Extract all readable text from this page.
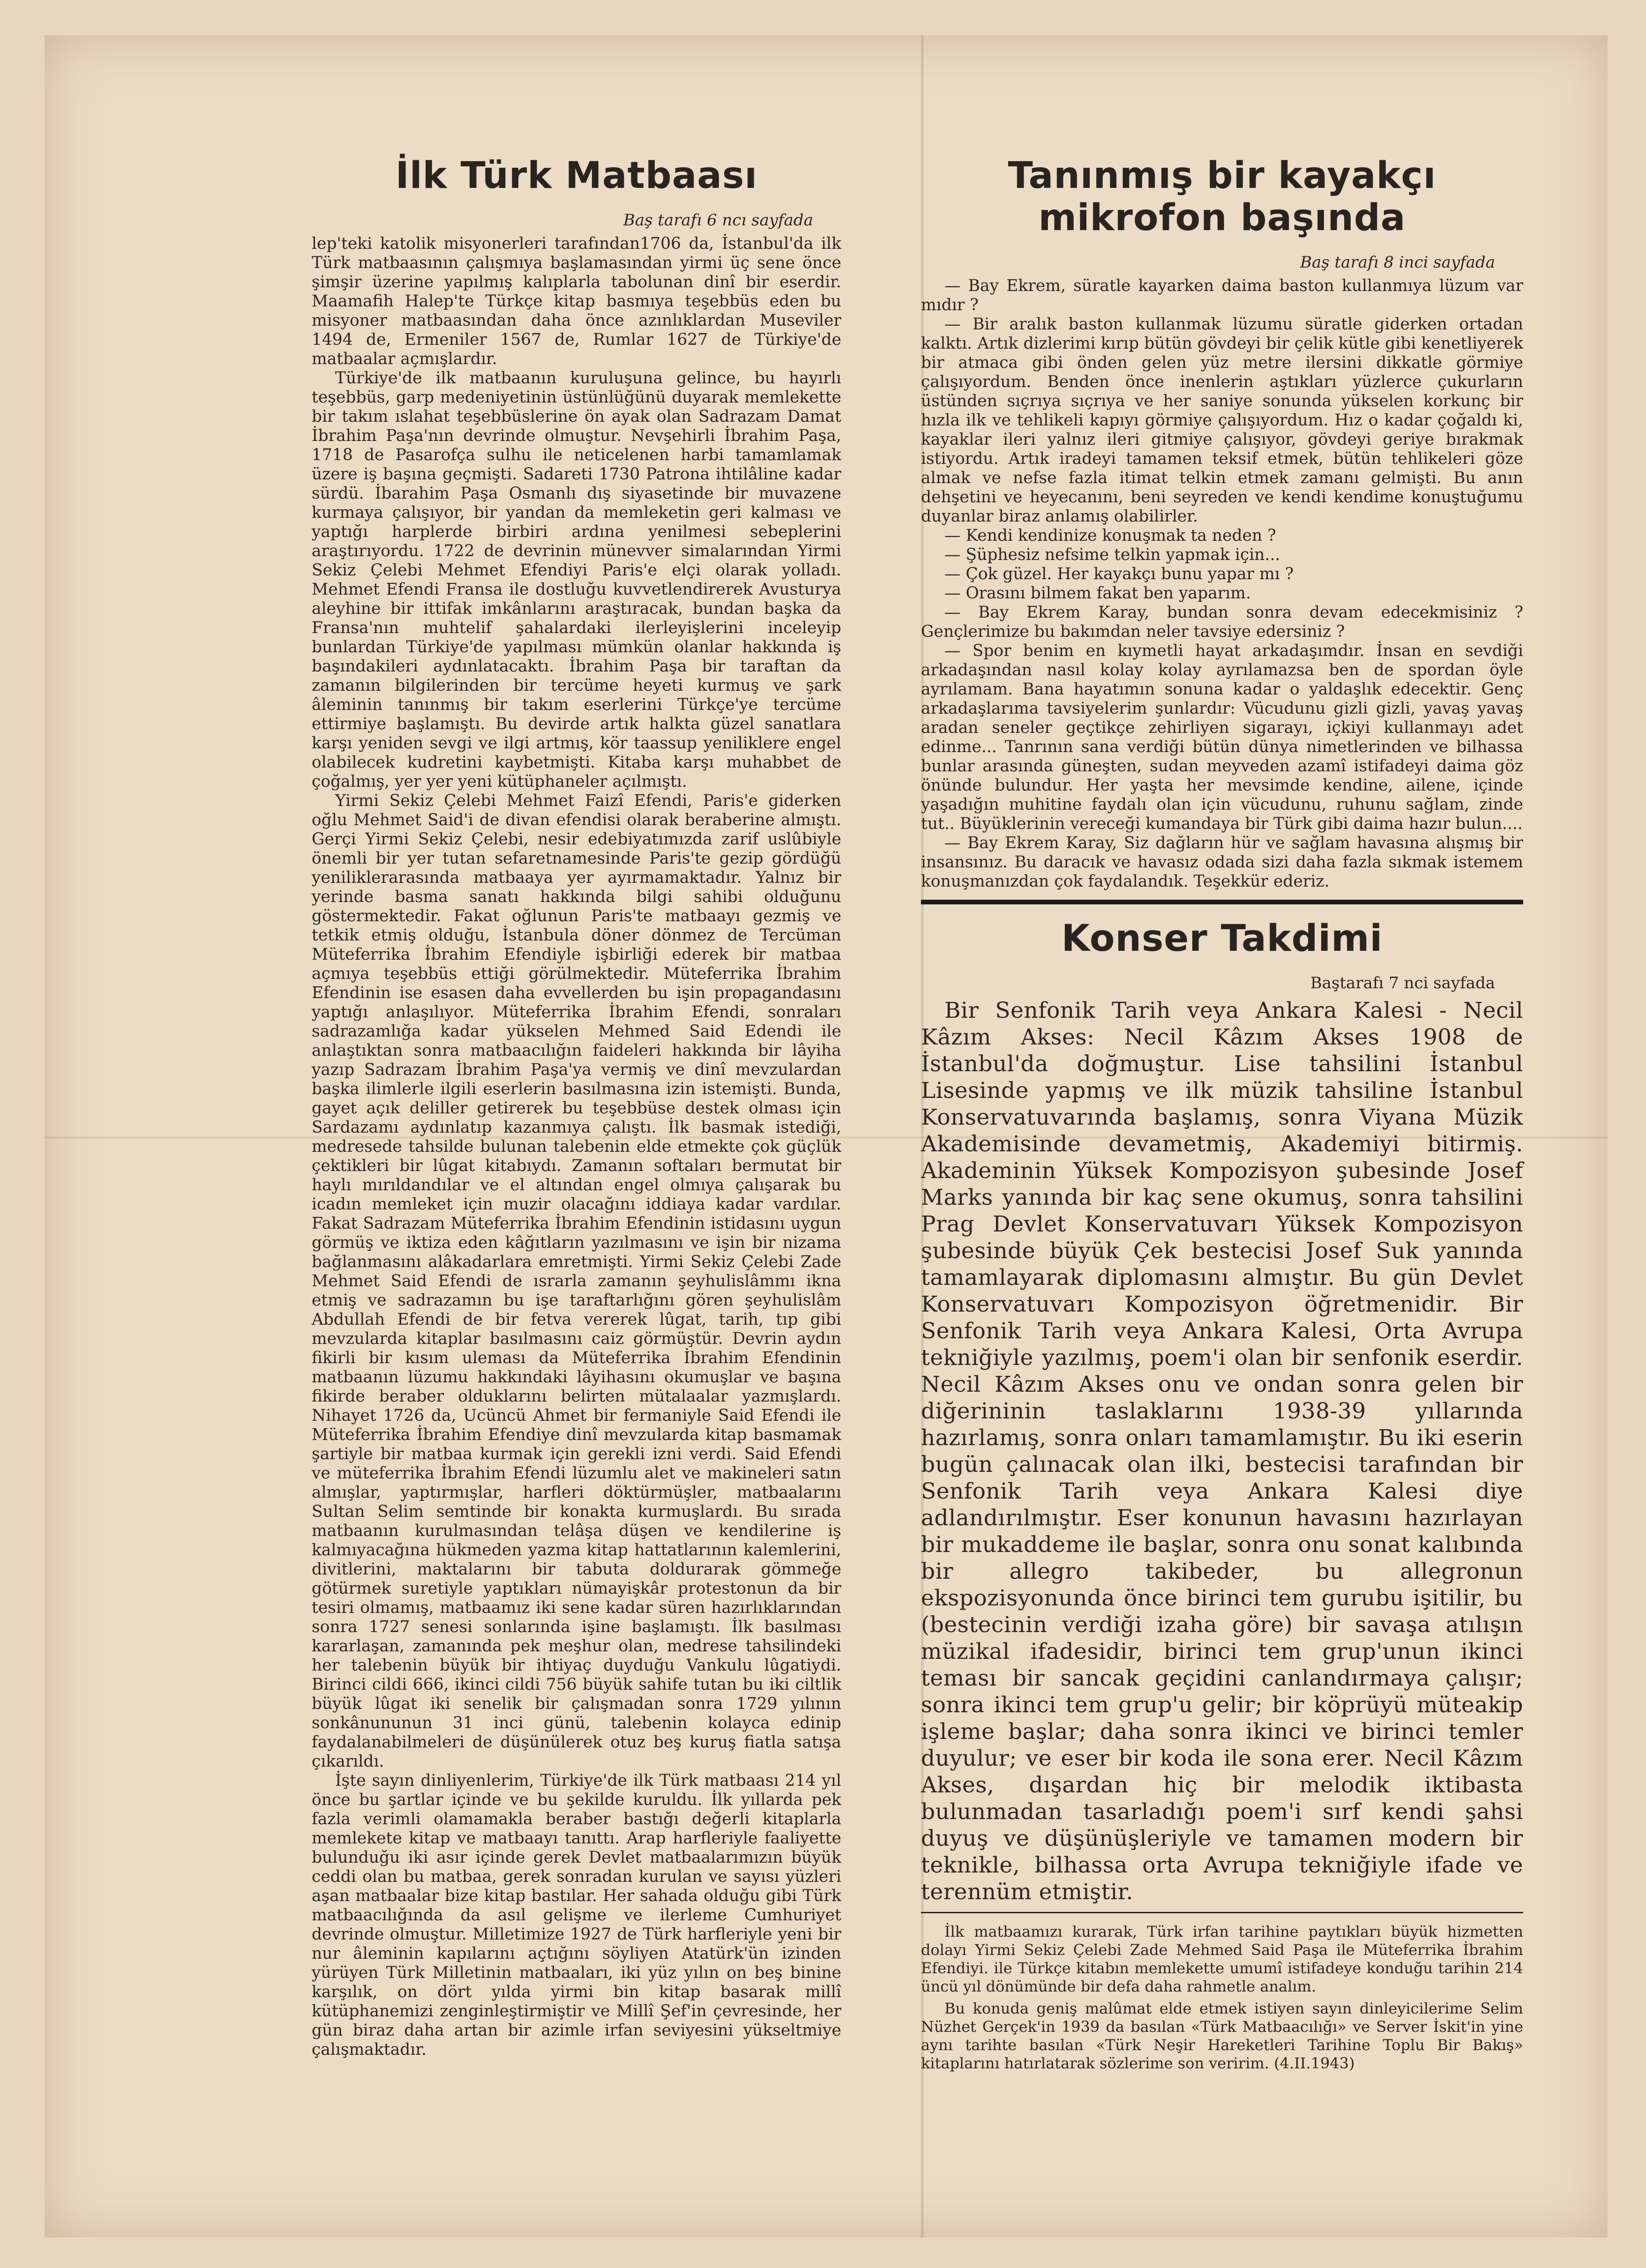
İlk Türk Matbaası

Baş tarafı 6 ncı sayfada

lep'teki katolik misyonerleri tarafından1706 da, İstanbul'da ilk Türk matbaasının çalışmıya başlamasından yirmi üç sene önce şimşir üzerine yapılmış kalıplarla tabolunan dinî bir eserdir. Maamafih Halep'te Türkçe kitap basmıya teşebbüs eden bu misyoner matbaasından daha önce azınlıklardan Museviler 1494 de, Ermeniler 1567 de, Rumlar 1627 de Türkiye'de matbaalar açmışlardır.

Türkiye'de ilk matbaanın kuruluşuna gelince, bu hayırlı teşebbüs, garp medeniyetinin üstünlüğünü duyarak memlekette bir takım ıslahat teşebbüslerine ön ayak olan Sadrazam Damat İbrahim Paşa'nın devrinde olmuştur. Nevşehirli İbrahim Paşa, 1718 de Pasarofça sulhu ile neticelenen harbi tamamlamak üzere iş başına geçmişti. Sadareti 1730 Patrona ihtilâline kadar sürdü. İbarahim Paşa Osmanlı dış siyasetinde bir muvazene kurmaya çalışıyor, bir yandan da memleketin geri kalması ve yaptığı harplerde birbiri ardına yenilmesi sebeplerini araştırıyordu. 1722 de devrinin münevver simalarından Yirmi Sekiz Çelebi Mehmet Efendiyi Paris'e elçi olarak yolladı. Mehmet Efendi Fransa ile dostluğu kuvvetlendirerek Avusturya aleyhine bir ittifak imkânlarını araştıracak, bundan başka da Fransa'nın muhtelif şahalardaki ilerleyişlerini inceleyip bunlardan Türkiye'de yapılması mümkün olanlar hakkında iş başındakileri aydınlatacaktı. İbrahim Paşa bir taraftan da zamanın bilgilerinden bir tercüme heyeti kurmuş ve şark âleminin tanınmış bir takım eserlerini Türkçe'ye tercüme ettirmiye başlamıştı. Bu devirde artık halkta güzel sanatlara karşı yeniden sevgi ve ilgi artmış, kör taassup yeniliklere engel olabilecek kudretini kaybetmişti. Kitaba karşı muhabbet de çoğalmış, yer yer yeni kütüphaneler açılmıştı.

Yirmi Sekiz Çelebi Mehmet Faizî Efendi, Paris'e giderken oğlu Mehmet Said'i de divan efendisi olarak beraberine almıştı. Gerçi Yirmi Sekiz Çelebi, nesir edebiyatımızda zarif uslûbiyle önemli bir yer tutan sefaretnamesinde Paris'te gezip gördüğü yeniliklerarasında matbaaya yer ayırmamaktadır. Yalnız bir yerinde basma sanatı hakkında bilgi sahibi olduğunu göstermektedir. Fakat oğlunun Paris'te matbaayı gezmiş ve tetkik etmiş olduğu, İstanbula döner dönmez de Tercüman Müteferrika İbrahim Efendiyle işbirliği ederek bir matbaa açmıya teşebbüs ettiği görülmektedir. Müteferrika İbrahim Efendinin ise esasen daha evvellerden bu işin propagandasını yaptığı anlaşılıyor. Müteferrika İbrahim Efendi, sonraları sadrazamlığa kadar yükselen Mehmed Said Edendi ile anlaştıktan sonra matbaacılığın faideleri hakkında bir lâyiha yazıp Sadrazam İbrahim Paşa'ya vermiş ve dinî mevzulardan başka ilimlerle ilgili eserlerin basılmasına izin istemişti. Bunda, gayet açık deliller getirerek bu teşebbüse destek olması için Sardazamı aydınlatıp kazanmıya çalıştı. İlk basmak istediği, medresede tahsilde bulunan talebenin elde etmekte çok güçlük çektikleri bir lûgat kitabıydı. Zamanın softaları bermutat bir haylı mırıldandılar ve el altından engel olmıya çalışarak bu icadın memleket için muzir olacağını iddiaya kadar vardılar. Fakat Sadrazam Müteferrika İbrahim Efendinin istidasını uygun görmüş ve iktiza eden kâğıtların yazılmasını ve işin bir nizama bağlanmasını alâkadarlara emretmişti. Yirmi Sekiz Çelebi Zade Mehmet Said Efendi de ısrarla zamanın şeyhulislâmmı ikna etmiş ve sadrazamın bu işe taraftarlığını gören şeyhulislâm Abdullah Efendi de bir fetva vererek lûgat, tarih, tıp gibi mevzularda kitaplar basılmasını caiz görmüştür. Devrin aydın fikirli bir kısım uleması da Müteferrika İbrahim Efendinin matbaanın lüzumu hakkındaki lâyihasını okumuşlar ve başına fikirde beraber olduklarını belirten mütalaalar yazmışlardı. Nihayet 1726 da, Ucüncü Ahmet bir fermaniyle Said Efendi ile Müteferrika İbrahim Efendiye dinî mevzularda kitap basmamak şartiyle bir matbaa kurmak için gerekli izni verdi. Said Efendi ve müteferrika İbrahim Efendi lüzumlu alet ve makineleri satın almışlar, yaptırmışlar, harfleri döktürmüşler, matbaalarını Sultan Selim semtinde bir konakta kurmuşlardı. Bu sırada matbaanın kurulmasından telâşa düşen ve kendilerine iş kalmıyacağına hükmeden yazma kitap hattatlarının kalemlerini, divitlerini, maktalarını bir tabuta doldurarak gömmeğe götürmek suretiyle yaptıkları nümayişkâr protestonun da bir tesiri olmamış, matbaamız iki sene kadar süren hazırlıklarından sonra 1727 senesi sonlarında işine başlamıştı. İlk basılması kararlaşan, zamanında pek meşhur olan, medrese tahsilindeki her talebenin büyük bir ihtiyaç duyduğu Vankulu lûgatiydi. Birinci cildi 666, ikinci cildi 756 büyük sahife tutan bu iki ciltlik büyük lûgat iki senelik bir çalışmadan sonra 1729 yılının sonkânununun 31 inci günü, talebenin kolayca edinip faydalanabilmeleri de düşünülerek otuz beş kuruş fiatla satışa çıkarıldı.

İşte sayın dinliyenlerim, Türkiye'de ilk Türk matbaası 214 yıl önce bu şartlar içinde ve bu şekilde kuruldu. İlk yıllarda pek fazla verimli olamamakla beraber bastığı değerli kitaplarla memlekete kitap ve matbaayı tanıttı. Arap harfleriyle faaliyette bulunduğu iki asır içinde gerek Devlet matbaalarımızın büyük ceddi olan bu matbaa, gerek sonradan kurulan ve sayısı yüzleri aşan matbaalar bize kitap bastılar. Her sahada olduğu gibi Türk matbaacılığında da asıl gelişme ve ilerleme Cumhuriyet devrinde olmuştur. Milletimize 1927 de Türk harfleriyle yeni bir nur âleminin kapılarını açtığını söyliyen Atatürk'ün izinden yürüyen Türk Milletinin matbaaları, iki yüz yılın on beş binine karşılık, on dört yılda yirmi bin kitap basarak millî kütüphanemizi zenginleştirmiştir ve Millî Şef'in çevresinde, her gün biraz daha artan bir azimle irfan seviyesini yükseltmiye çalışmaktadır.

Tanınmış bir kayakçı mikrofon başında

Baş tarafı 8 inci sayfada

— Bay Ekrem, süratle kayarken daima baston kullanmıya lüzum var mıdır ?

— Bir aralık baston kullanmak lüzumu süratle giderken ortadan kalktı. Artık dizlerimi kırıp bütün gövdeyi bir çelik kütle gibi kenetliyerek bir atmaca gibi önden gelen yüz metre ilersini dikkatle görmiye çalışıyordum. Benden önce inenlerin aştıkları yüzlerce çukurların üstünden sıçrıya sıçrıya ve her saniye sonunda yükselen korkunç bir hızla ilk ve tehlikeli kapıyı görmiye çalışıyordum. Hız o kadar çoğaldı ki, kayaklar ileri yalnız ileri gitmiye çalışıyor, gövdeyi geriye bırakmak istiyordu. Artık iradeyi tamamen teksif etmek, bütün tehlikeleri göze almak ve nefse fazla itimat telkin etmek zamanı gelmişti. Bu anın dehşetini ve heyecanını, beni seyreden ve kendi kendime konuştuğumu duyanlar biraz anlamış olabilirler.

— Kendi kendinize konuşmak ta neden ?

— Şüphesiz nefsime telkin yapmak için...

— Çok güzel. Her kayakçı bunu yapar mı ?

— Orasını bilmem fakat ben yaparım.

— Bay Ekrem Karay, bundan sonra devam edecekmisiniz ? Gençlerimize bu bakımdan neler tavsiye edersiniz ?

— Spor benim en kıymetli hayat arkadaşımdır. İnsan en sevdiği arkadaşından nasıl kolay kolay ayrılamazsa ben de spordan öyle ayrılamam. Bana hayatımın sonuna kadar o yaldaşlık edecektir. Genç arkadaşlarıma tavsiyelerim şunlardır: Vücudunu gizli gizli, yavaş yavaş aradan seneler geçtikçe zehirliyen sigarayı, içkiyi kullanmayı adet edinme... Tanrının sana verdiği bütün dünya nimetlerinden ve bilhassa bunlar arasında güneşten, sudan meyveden azamî istifadeyi daima göz önünde bulundur. Her yaşta her mevsimde kendine, ailene, içinde yaşadığın muhitine faydalı olan için vücudunu, ruhunu sağlam, zinde tut.. Büyüklerinin vereceği kumandaya bir Türk gibi daima hazır bulun....

— Bay Ekrem Karay, Siz dağların hür ve sağlam havasına alışmış bir insansınız. Bu daracık ve havasız odada sizi daha fazla sıkmak istemem konuşmanızdan çok faydalandık. Teşekkür ederiz.

Konser Takdimi

Baştarafı 7 nci sayfada

Bir Senfonik Tarih veya Ankara Kalesi - Necil Kâzım Akses: Necil Kâzım Akses 1908 de İstanbul'da doğmuştur. Lise tahsilini İstanbul Lisesinde yapmış ve ilk müzik tahsiline İstanbul Konservatuvarında başlamış, sonra Viyana Müzik Akademisinde devametmiş, Akademiyi bitirmiş. Akademinin Yüksek Kompozisyon şubesinde Josef Marks yanında bir kaç sene okumuş, sonra tahsilini Prag Devlet Konservatuvarı Yüksek Kompozisyon şubesinde büyük Çek bestecisi Josef Suk yanında tamamlayarak diplomasını almıştır. Bu gün Devlet Konservatuvarı Kompozisyon öğretmenidir. Bir Senfonik Tarih veya Ankara Kalesi, Orta Avrupa tekniğiyle yazılmış, poem'i olan bir senfonik eserdir. Necil Kâzım Akses onu ve ondan sonra gelen bir diğerininin taslaklarını 1938-39 yıllarında hazırlamış, sonra onları tamamlamıştır. Bu iki eserin bugün çalınacak olan ilki, bestecisi tarafından bir Senfonik Tarih veya Ankara Kalesi diye adlandırılmıştır. Eser konunun havasını hazırlayan bir mukaddeme ile başlar, sonra onu sonat kalıbında bir allegro takibeder, bu allegronun ekspozisyonunda önce birinci tem gurubu işitilir, bu (bestecinin verdiği izaha göre) bir savaşa atılışın müzikal ifadesidir, birinci tem grup'unun ikinci teması bir sancak geçidini canlandırmaya çalışır; sonra ikinci tem grup'u gelir; bir köprüyü müteakip işleme başlar; daha sonra ikinci ve birinci temler duyulur; ve eser bir koda ile sona erer. Necil Kâzım Akses, dışardan hiç bir melodik iktibasta bulunmadan tasarladığı poem'i sırf kendi şahsi duyuş ve düşünüşleriyle ve tamamen modern bir teknikle, bilhassa orta Avrupa tekniğiyle ifade ve terennüm etmiştir.

İlk matbaamızı kurarak, Türk irfan tarihine paytıkları büyük hizmetten dolayı Yirmi Sekiz Çelebi Zade Mehmed Said Paşa ile Müteferrika İbrahim Efendiyi. ile Türkçe kitabın memlekette umumî istifadeye konduğu tarihin 214 üncü yıl dönümünde bir defa daha rahmetle analım.

Bu konuda geniş malûmat elde etmek istiyen sayın dinleyicilerime Selim Nüzhet Gerçek'in 1939 da basılan «Türk Matbaacılığı» ve Server İskit'in yine aynı tarihte basılan «Türk Neşir Hareketleri Tarihine Toplu Bir Bakış» kitaplarını hatırlatarak sözlerime son veririm. (4.II.1943)
